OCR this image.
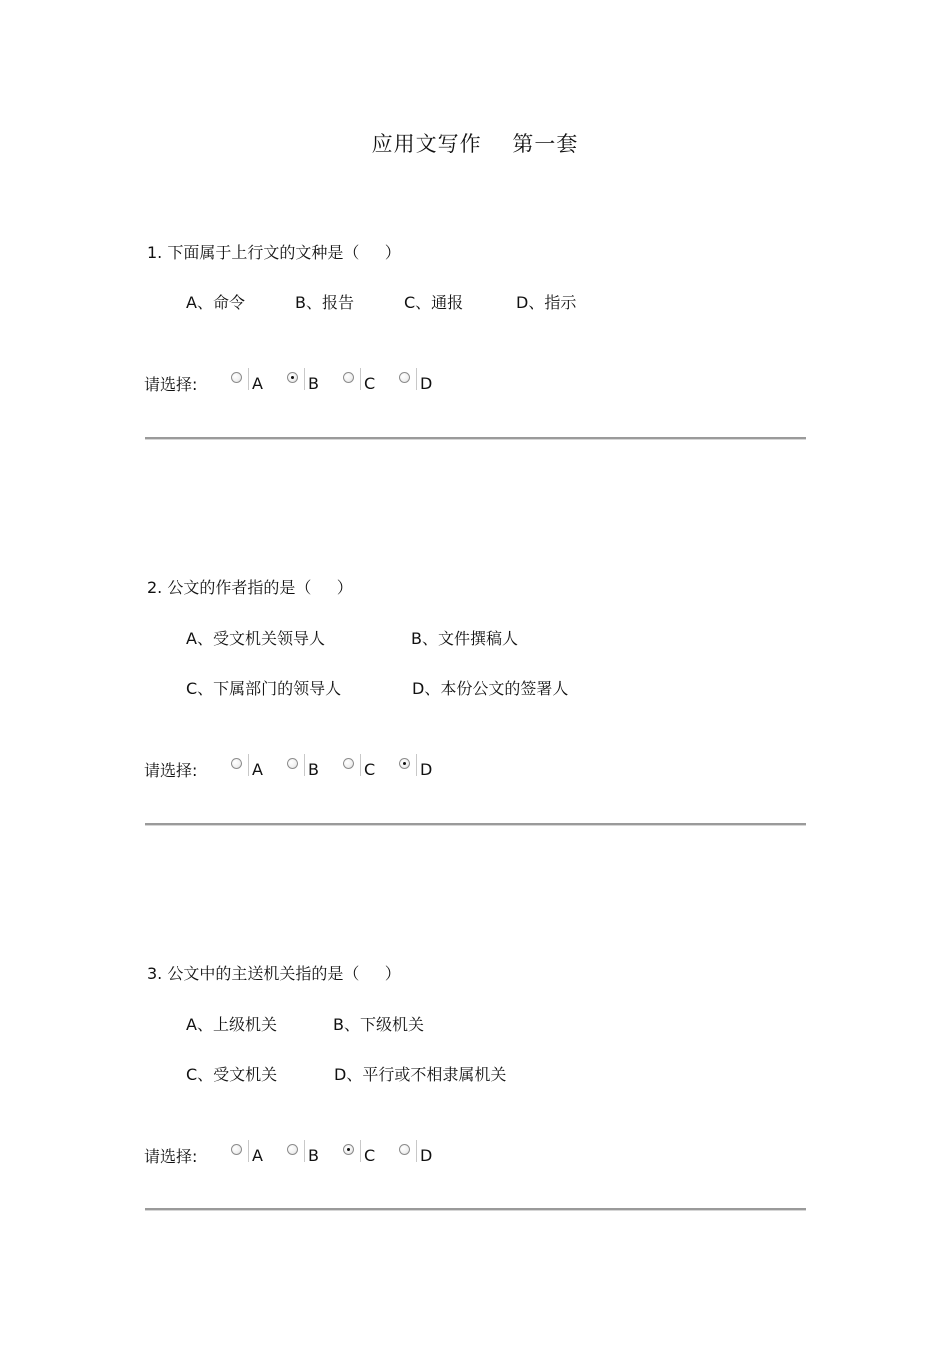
应用文写作    第一套
1. 下面属于上行文的文种是（     ）
A、命令	B、报告	C、通报	D、指示
请选择:	A	B	C	D
2. 公文的作者指的是（     ）
A、受文机关领导人	B、文件撰稿人
C、下属部门的领导人	D、本份公文的签署人
请选择:	A	B	C	D
3. 公文中的主送机关指的是（     ）
A、上级机关	B、下级机关
C、受文机关	D、平行或不相隶属机关
请选择:	A	B	C	D
